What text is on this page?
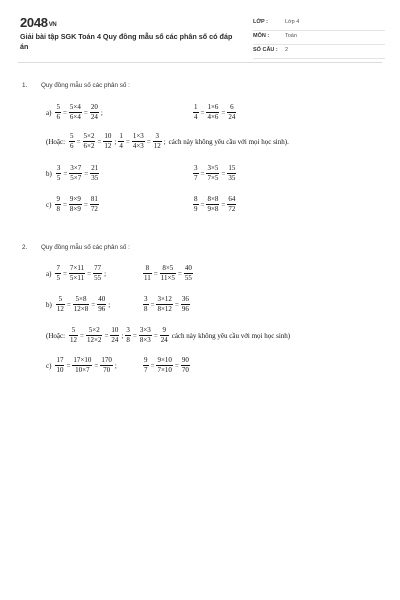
2048VN
Giải bài tập SGK Toán 4 Quy đồng mẫu số các phân số có đáp án
LỚP :	Lớp 4
MÔN :	Toán
SỐ CÂU : 2
1. Quy đồng mẫu số các phân số :
$a) \frac{5}{6} = \frac{5\times 4}{6\times 4} = \frac{20}{24}$ ;	$\frac{1}{4} = \frac{1\times 6}{4\times 6} = \frac{6}{24}$
(Hoặc: $\frac{5}{6} = \frac{5\times 2}{6\times 2} = \frac{10}{12}$ ; $\frac{1}{4} = \frac{1\times 3}{4\times 3} = \frac{3}{12}$ ; cách này không yêu cầu với mọi học sinh).
$b) \frac{3}{5} = \frac{3\times 7}{5\times 7} = \frac{21}{35}$	$\frac{3}{7} = \frac{3\times 5}{7\times 5} = \frac{15}{35}$
$c) \frac{9}{8} = \frac{9\times 9}{8\times 9} = \frac{81}{72}$	$\frac{8}{9} = \frac{8\times 8}{9\times 8} = \frac{64}{72}$
2. Quy đồng mẫu số các phân số :
$a) \frac{7}{5} = \frac{7\times 11}{5\times 11} = \frac{77}{55}$ ;	$\frac{8}{11} = \frac{8\times 5}{11\times 5} = \frac{40}{55}$
$b) \frac{5}{12} = \frac{5\times 8}{12\times 8} = \frac{40}{96}$ ;	$\frac{3}{8} = \frac{3\times 12}{8\times 12} = \frac{36}{96}$
(Hoặc: $\frac{5}{12} = \frac{5\times 2}{12\times 2} = \frac{10}{24}$ ; $\frac{3}{8} = \frac{3\times 3}{8\times 3} = \frac{9}{24}$ cách này không yêu cầu với mọi học sinh)
$c) \frac{17}{10} = \frac{17\times 10}{10\times 7} = \frac{170}{70}$ ;	$\frac{9}{7} = \frac{9\times 10}{7\times 10} = \frac{90}{70}$
